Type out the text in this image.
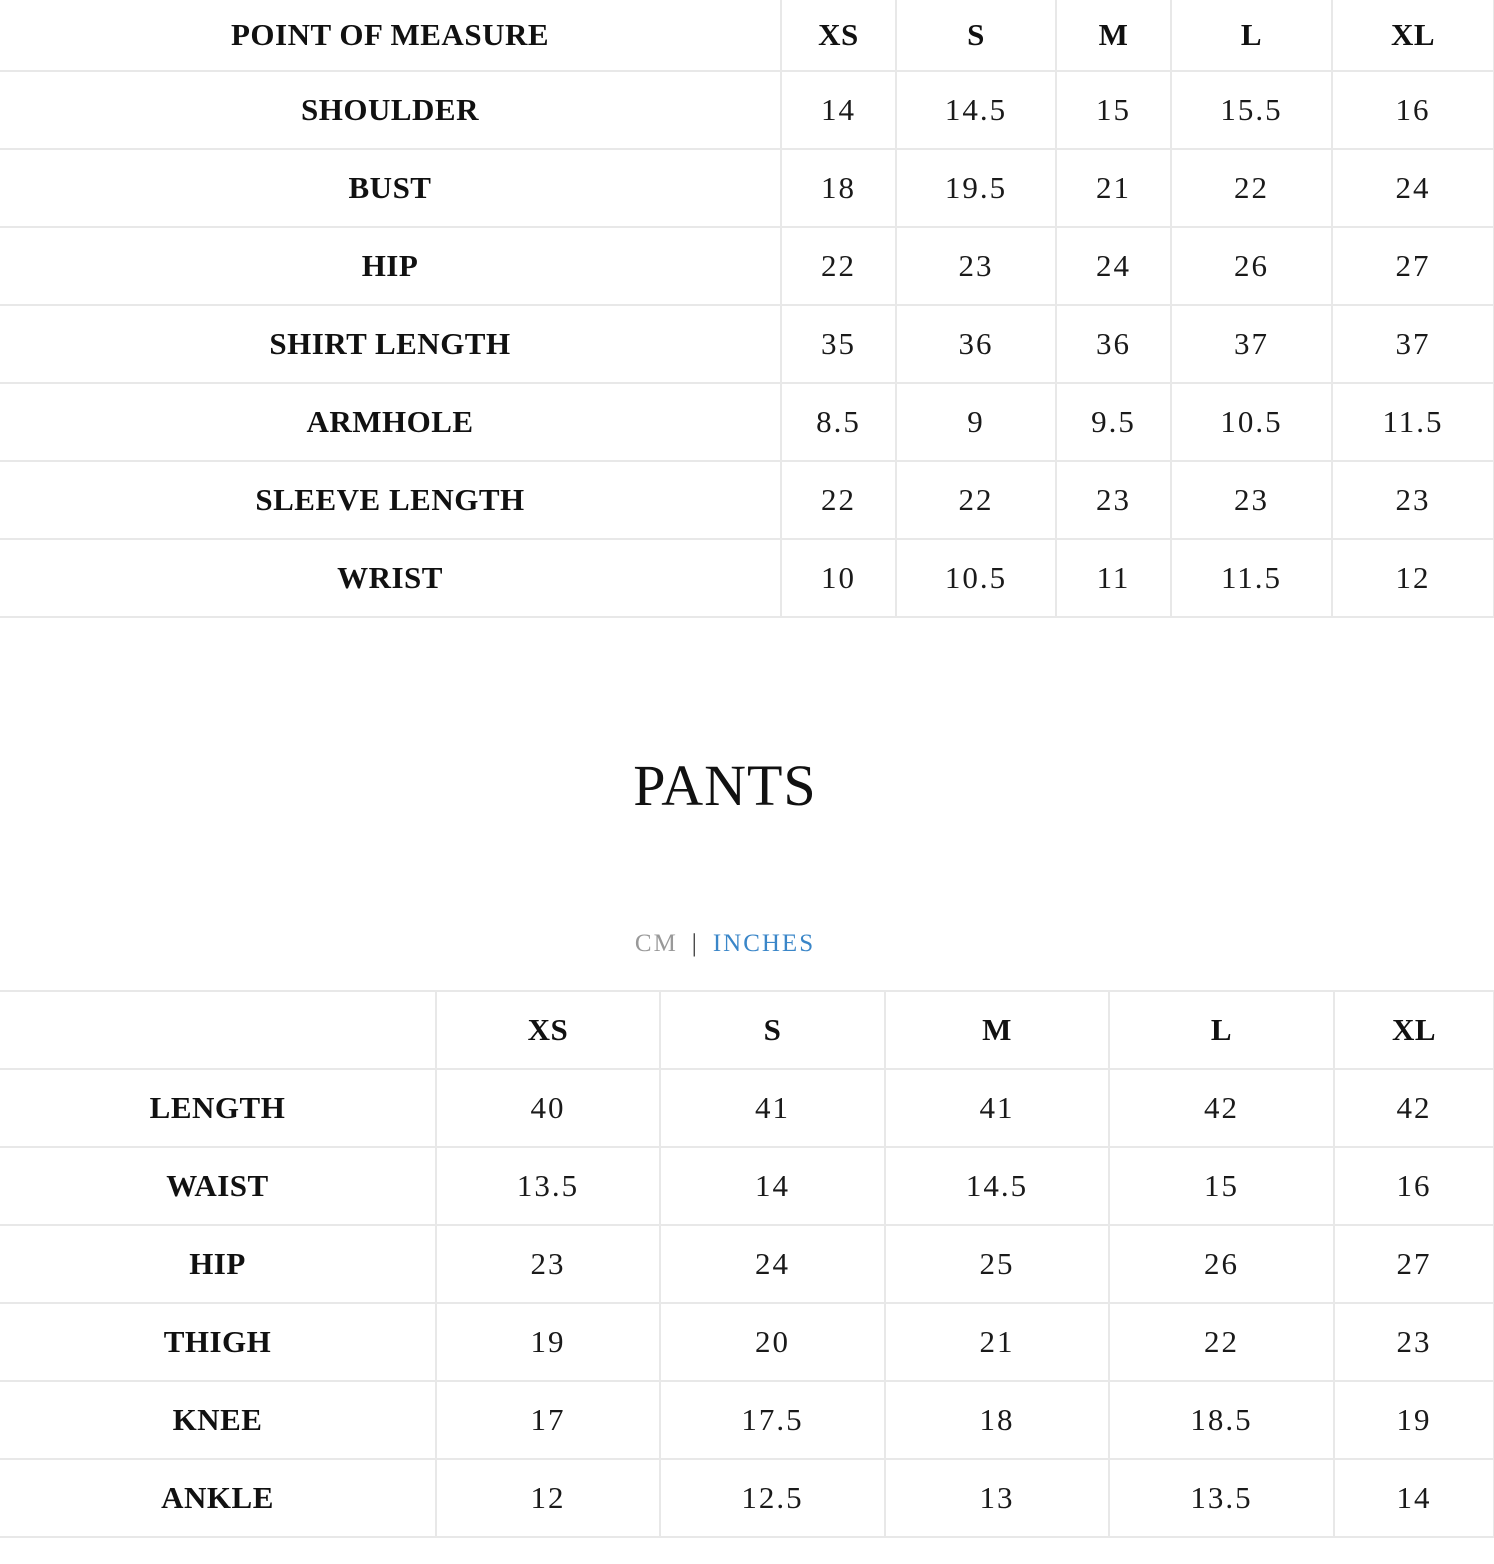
POINT OF MEASURE	XS	S	M	L	XL
SHOULDER	14	14.5	15	15.5	16
BUST	18	19.5	21	22	24
HIP	22	23	24	26	27
SHIRT LENGTH	35	36	36	37	37
ARMHOLE	8.5	9	9.5	10.5	11.5
SLEEVE LENGTH	22	22	23	23	23
WRIST	10	10.5	11	11.5	12
PANTS
CM | INCHES
	XS	S	M	L	XL
LENGTH	40	41	41	42	42
WAIST	13.5	14	14.5	15	16
HIP	23	24	25	26	27
THIGH	19	20	21	22	23
KNEE	17	17.5	18	18.5	19
ANKLE	12	12.5	13	13.5	14
